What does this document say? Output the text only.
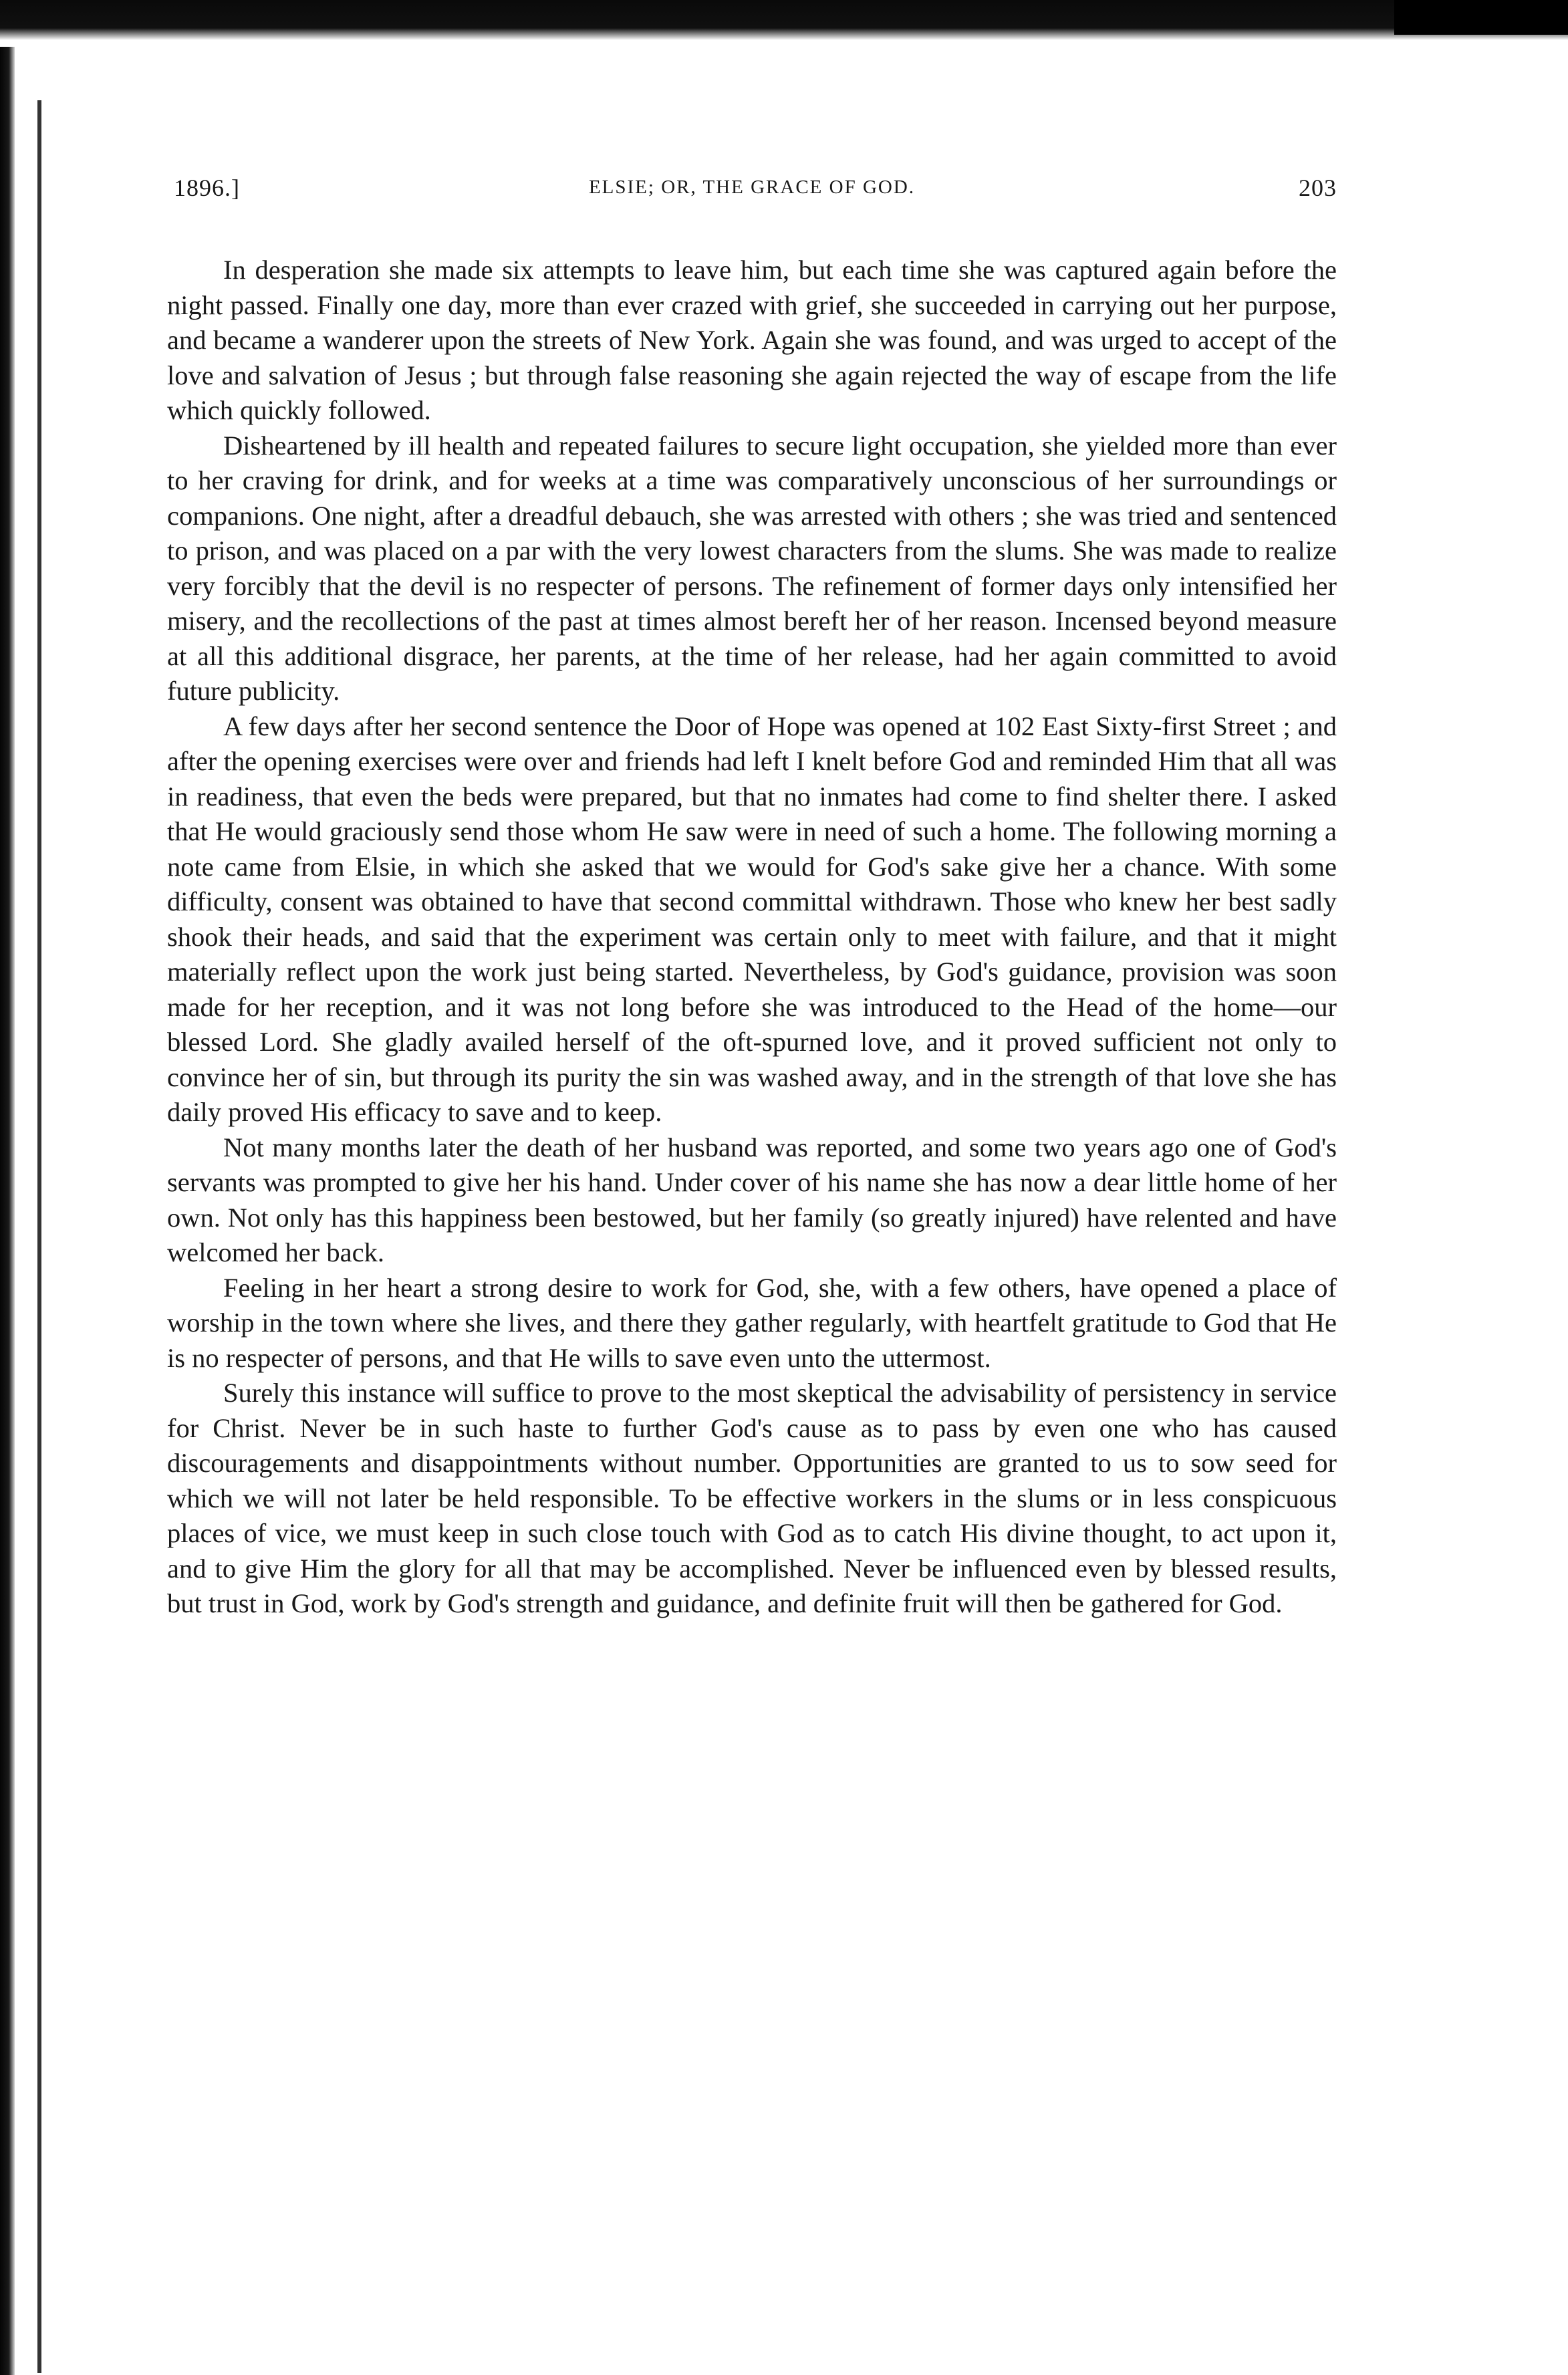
1896.]	ELSIE; OR, THE GRACE OF GOD.	203

In desperation she made six attempts to leave him, but each time she was captured again before the night passed. Finally one day, more than ever crazed with grief, she succeeded in carrying out her purpose, and became a wanderer upon the streets of New York. Again she was found, and was urged to accept of the love and salvation of Jesus ; but through false reasoning she again rejected the way of escape from the life which quickly followed.

Disheartened by ill health and repeated failures to secure light occupation, she yielded more than ever to her craving for drink, and for weeks at a time was comparatively unconscious of her surroundings or companions. One night, after a dreadful debauch, she was arrested with others ; she was tried and sentenced to prison, and was placed on a par with the very lowest characters from the slums. She was made to realize very forcibly that the devil is no respecter of persons. The refinement of former days only intensified her misery, and the recollections of the past at times almost bereft her of her reason. Incensed beyond measure at all this additional disgrace, her parents, at the time of her release, had her again committed to avoid future publicity.

A few days after her second sentence the Door of Hope was opened at 102 East Sixty-first Street ; and after the opening exercises were over and friends had left I knelt before God and reminded Him that all was in readiness, that even the beds were prepared, but that no inmates had come to find shelter there. I asked that He would graciously send those whom He saw were in need of such a home. The following morning a note came from Elsie, in which she asked that we would for God's sake give her a chance. With some difficulty, consent was obtained to have that second committal withdrawn. Those who knew her best sadly shook their heads, and said that the experiment was certain only to meet with failure, and that it might materially reflect upon the work just being started. Nevertheless, by God's guidance, provision was soon made for her reception, and it was not long before she was introduced to the Head of the home—our blessed Lord. She gladly availed herself of the oft-spurned love, and it proved sufficient not only to convince her of sin, but through its purity the sin was washed away, and in the strength of that love she has daily proved His efficacy to save and to keep.

Not many months later the death of her husband was reported, and some two years ago one of God's servants was prompted to give her his hand. Under cover of his name she has now a dear little home of her own. Not only has this happiness been bestowed, but her family (so greatly injured) have relented and have welcomed her back.

Feeling in her heart a strong desire to work for God, she, with a few others, have opened a place of worship in the town where she lives, and there they gather regularly, with heartfelt gratitude to God that He is no respecter of persons, and that He wills to save even unto the uttermost.

Surely this instance will suffice to prove to the most skeptical the advisability of persistency in service for Christ. Never be in such haste to further God's cause as to pass by even one who has caused discouragements and disappointments without number. Opportunities are granted to us to sow seed for which we will not later be held responsible. To be effective workers in the slums or in less conspicuous places of vice, we must keep in such close touch with God as to catch His divine thought, to act upon it, and to give Him the glory for all that may be accomplished. Never be influenced even by blessed results, but trust in God, work by God's strength and guidance, and definite fruit will then be gathered for God.
